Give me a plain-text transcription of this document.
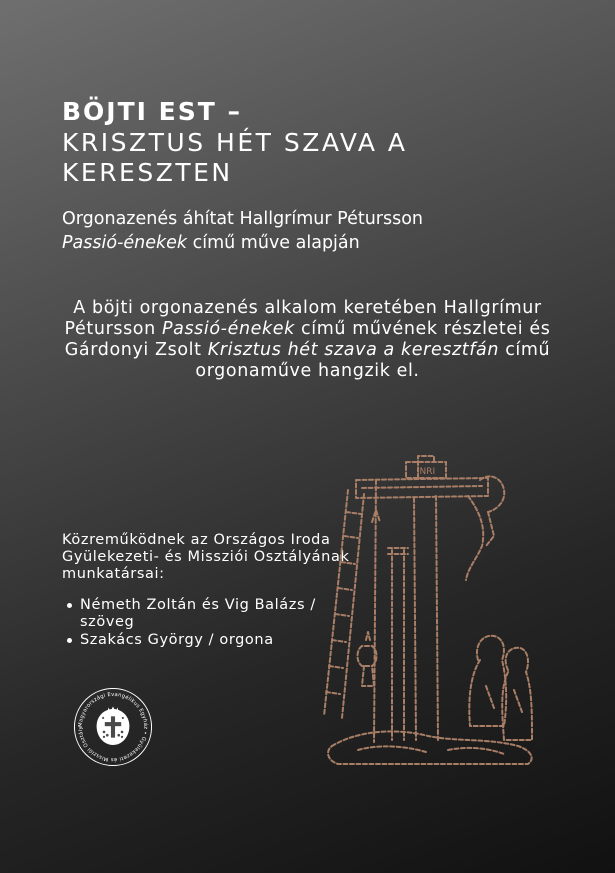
BÖJTI EST –
KRISZTUS HÉT SZAVA A KERESZTEN
Orgonazenés áhítat Hallgrímur Pétursson
Passió-énekek című műve alapján
A böjti orgonazenés alkalom keretében Hallgrímur Pétursson Passió-énekek című művének részletei és Gárdonyi Zsolt Krisztus hét szava a keresztfán című orgonaműve hangzik el.
Közreműködnek az Országos Iroda Gyülekezeti- és Missziói Osztályának munkatársai:
Németh Zoltán és Vig Balázs / szöveg
Szakács György / orgona
Magyarországi Evangélikus Egyház • Gyülekezeti és Missziói Osztály
INRI
